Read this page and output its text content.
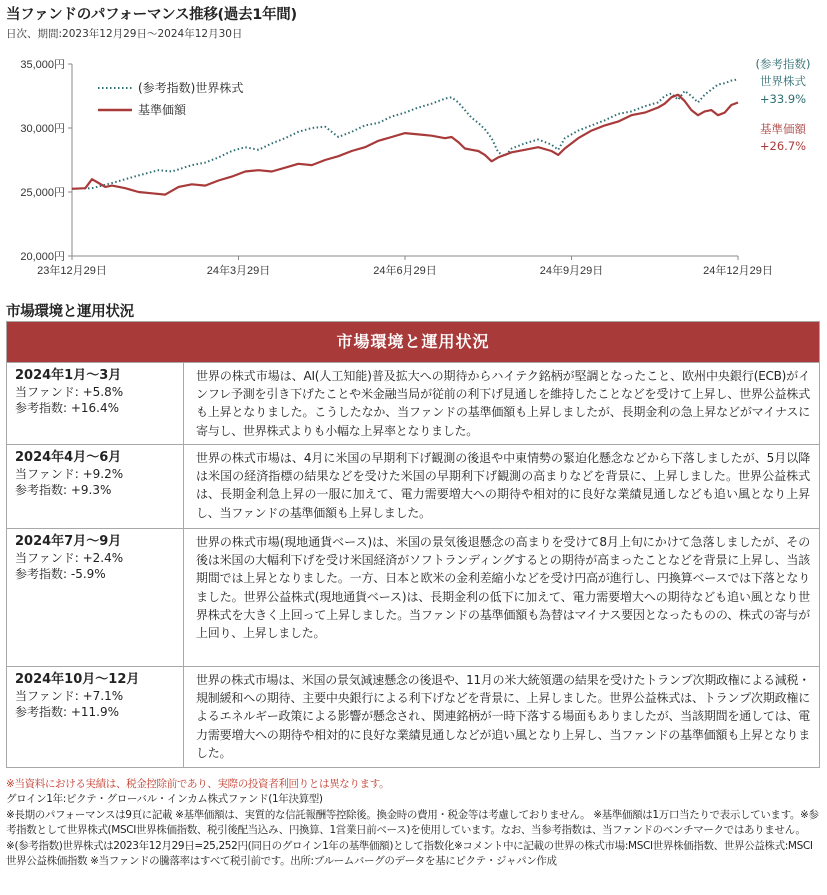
当ファンドのパフォーマンス推移(過去1年間)
日次、期間:2023年12月29日～2024年12月30日
35,000円
30,000円
25,000円
20,000円
23年12月29日	24年3月29日	24年6月29日	24年9月29日	24年12月29日
(参考指数)世界株式
基準価額
(参考指数)
世界株式
+33.9%
基準価額
+26.7%
市場環境と運用状況
市場環境と運用状況
2024年1月～3月
当ファンド: +5.8%
参考指数: +16.4%
世界の株式市場は、AI(人工知能)普及拡大への期待からハイテク銘柄が堅調となったこと、欧州中央銀行(ECB)がインフレ予測を引き下げたことや米金融当局が従前の利下げ見通しを維持したことなどを受けて上昇し、世界公益株式も上昇となりました。こうしたなか、当ファンドの基準価額も上昇しましたが、長期金利の急上昇などがマイナスに寄与し、世界株式よりも小幅な上昇率となりました。
2024年4月～6月
当ファンド: +9.2%
参考指数: +9.3%
世界の株式市場は、4月に米国の早期利下げ観測の後退や中東情勢の緊迫化懸念などから下落しましたが、5月以降は米国の経済指標の結果などを受けた米国の早期利下げ観測の高まりなどを背景に、上昇しました。世界公益株式は、長期金利急上昇の一服に加えて、電力需要増大への期待や相対的に良好な業績見通しなども追い風となり上昇し、当ファンドの基準価額も上昇しました。
2024年7月～9月
当ファンド: +2.4%
参考指数: -5.9%
世界の株式市場(現地通貨ベース)は、米国の景気後退懸念の高まりを受けて8月上旬にかけて急落しましたが、その後は米国の大幅利下げを受け米国経済がソフトランディングするとの期待が高まったことなどを背景に上昇し、当該期間では上昇となりました。一方、日本と欧米の金利差縮小などを受け円高が進行し、円換算ベースでは下落となりました。世界公益株式(現地通貨ベース)は、長期金利の低下に加えて、電力需要増大への期待なども追い風となり世界株式を大きく上回って上昇しました。当ファンドの基準価額も為替はマイナス要因となったものの、株式の寄与が上回り、上昇しました。
2024年10月～12月
当ファンド: +7.1%
参考指数: +11.9%
世界の株式市場は、米国の景気減速懸念の後退や、11月の米大統領選の結果を受けたトランプ次期政権による減税・規制緩和への期待、主要中央銀行による利下げなどを背景に、上昇しました。世界公益株式は、トランプ次期政権によるエネルギー政策による影響が懸念され、関連銘柄が一時下落する場面もありましたが、当該期間を通しては、電力需要増大への期待や相対的に良好な業績見通しなどが追い風となり上昇し、当ファンドの基準価額も上昇となりました。
※当資料における実績は、税金控除前であり、実際の投資者利回りとは異なります。
グロイン1年:ピクテ・グローバル・インカム株式ファンド(1年決算型)
※長期のパフォーマンスは9頁に記載 ※基準価額は、実質的な信託報酬等控除後。換金時の費用・税金等は考慮しておりません。 ※基準価額は1万口当たりで表示しています。※参考指数として世界株式(MSCI世界株価指数、税引後配当込み、円換算、1営業日前ベース)を使用しています。なお、当参考指数は、当ファンドのベンチマークではありません。※(参考指数)世界株式は2023年12月29日=25,252円(同日のグロイン1年の基準価額)として指数化※コメント中に記載の世界の株式市場:MSCI世界株価指数、世界公益株式:MSCI世界公益株価指数 ※当ファンドの騰落率はすべて税引前です。出所:ブルームバーグのデータを基にピクテ・ジャパン作成
